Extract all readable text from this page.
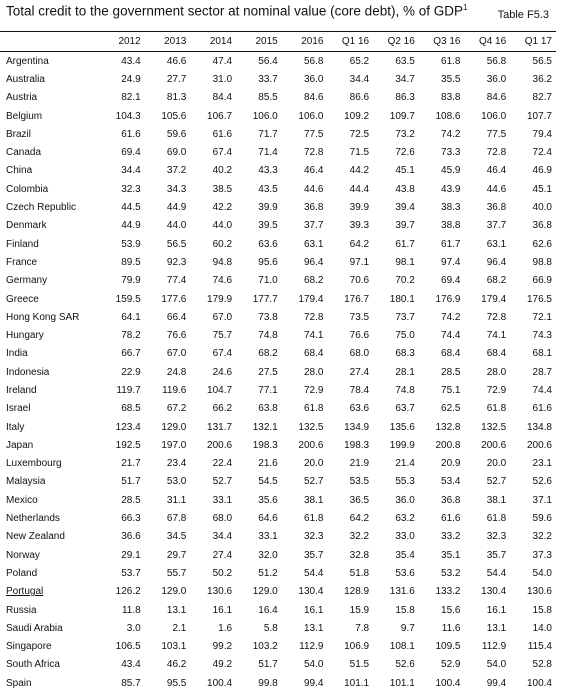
Total credit to the government sector at nominal value (core debt), % of GDP$^1$
Table F5.3
	2012	2013	2014	2015	2016	Q1 16	Q2 16	Q3 16	Q4 16	Q1 17
Argentina	43.4	46.6	47.4	56.4	56.8	65.2	63.5	61.8	56.8	56.5
Australia	24.9	27.7	31.0	33.7	36.0	34.4	34.7	35.5	36.0	36.2
Austria	82.1	81.3	84.4	85.5	84.6	86.6	86.3	83.8	84.6	82.7
Belgium	104.3	105.6	106.7	106.0	106.0	109.2	109.7	108.6	106.0	107.7
Brazil	61.6	59.6	61.6	71.7	77.5	72.5	73.2	74.2	77.5	79.4
Canada	69.4	69.0	67.4	71.4	72.8	71.5	72.6	73.3	72.8	72.4
China	34.4	37.2	40.2	43.3	46.4	44.2	45.1	45.9	46.4	46.9
Colombia	32.3	34.3	38.5	43.5	44.6	44.4	43.8	43.9	44.6	45.1
Czech Republic	44.5	44.9	42.2	39.9	36.8	39.9	39.4	38.3	36.8	40.0
Denmark	44.9	44.0	44.0	39.5	37.7	39.3	39.7	38.8	37.7	36.8
Finland	53.9	56.5	60.2	63.6	63.1	64.2	61.7	61.7	63.1	62.6
France	89.5	92.3	94.8	95.6	96.4	97.1	98.1	97.4	96.4	98.8
Germany	79.9	77.4	74.6	71.0	68.2	70.6	70.2	69.4	68.2	66.9
Greece	159.5	177.6	179.9	177.7	179.4	176.7	180.1	176.9	179.4	176.5
Hong Kong SAR	64.1	66.4	67.0	73.8	72.8	73.5	73.7	74.2	72.8	72.1
Hungary	78.2	76.6	75.7	74.8	74.1	76.6	75.0	74.4	74.1	74.3
India	66.7	67.0	67.4	68.2	68.4	68.0	68.3	68.4	68.4	68.1
Indonesia	22.9	24.8	24.6	27.5	28.0	27.4	28.1	28.5	28.0	28.7
Ireland	119.7	119.6	104.7	77.1	72.9	78.4	74.8	75.1	72.9	74.4
Israel	68.5	67.2	66.2	63.8	61.8	63.6	63.7	62.5	61.8	61.6
Italy	123.4	129.0	131.7	132.1	132.5	134.9	135.6	132.8	132.5	134.8
Japan	192.5	197.0	200.6	198.3	200.6	198.3	199.9	200.8	200.6	200.6
Luxembourg	21.7	23.4	22.4	21.6	20.0	21.9	21.4	20.9	20.0	23.1
Malaysia	51.7	53.0	52.7	54.5	52.7	53.5	55.3	53.4	52.7	52.6
Mexico	28.5	31.1	33.1	35.6	38.1	36.5	36.0	36.8	38.1	37.1
Netherlands	66.3	67.8	68.0	64.6	61.8	64.2	63.2	61.6	61.8	59.6
New Zealand	36.6	34.5	34.4	33.1	32.3	32.2	33.0	33.2	32.3	32.2
Norway	29.1	29.7	27.4	32.0	35.7	32.8	35.4	35.1	35.7	37.3
Poland	53.7	55.7	50.2	51.2	54.4	51.8	53.6	53.2	54.4	54.0
Portugal	126.2	129.0	130.6	129.0	130.4	128.9	131.6	133.2	130.4	130.6
Russia	11.8	13.1	16.1	16.4	16.1	15.9	15.8	15.6	16.1	15.8
Saudi Arabia	3.0	2.1	1.6	5.8	13.1	7.8	9.7	11.6	13.1	14.0
Singapore	106.5	103.1	99.2	103.2	112.9	106.9	108.1	109.5	112.9	115.4
South Africa	43.4	46.2	49.2	51.7	54.0	51.5	52.6	52.9	54.0	52.8
Spain	85.7	95.5	100.4	99.8	99.4	101.1	101.1	100.4	99.4	100.4
